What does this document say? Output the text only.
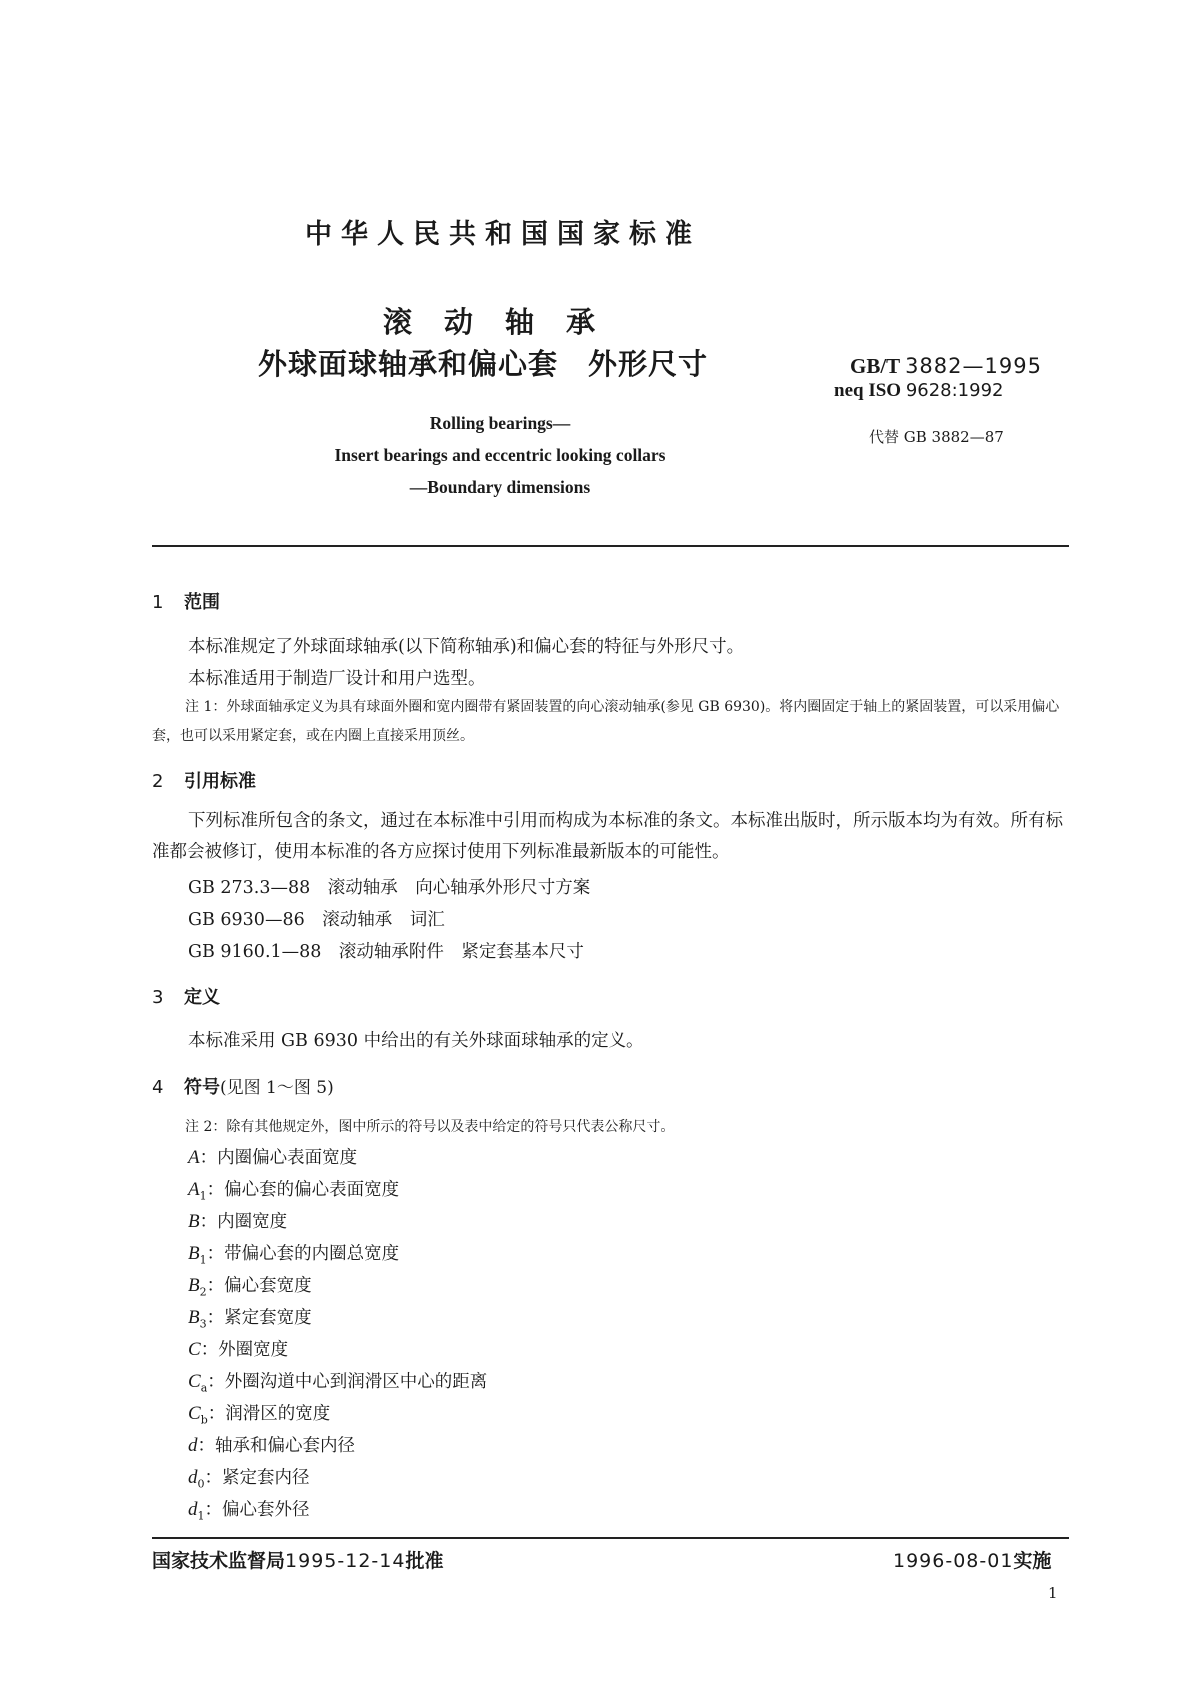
中华人民共和国国家标准
滚动轴承
外球面球轴承和偏心套　外形尺寸	GB/T 3882—1995
neq ISO 9628:1992
代替 GB 3882—87
Rolling bearings—
Insert bearings and eccentric looking collars
—Boundary dimensions
1 范围
本标准规定了外球面球轴承(以下简称轴承)和偏心套的特征与外形尺寸。
本标准适用于制造厂设计和用户选型。
注 1：外球面轴承定义为具有球面外圈和宽内圈带有紧固装置的向心滚动轴承(参见 GB 6930)。将内圈固定于轴上的紧固装置，可以采用偏心套，也可以采用紧定套，或在内圈上直接采用顶丝。
2 引用标准
下列标准所包含的条文，通过在本标准中引用而构成为本标准的条文。本标准出版时，所示版本均为有效。所有标准都会被修订，使用本标准的各方应探讨使用下列标准最新版本的可能性。
GB 273.3—88　滚动轴承　向心轴承外形尺寸方案
GB 6930—86　滚动轴承　词汇
GB 9160.1—88　滚动轴承附件　紧定套基本尺寸
3 定义
本标准采用 GB 6930 中给出的有关外球面球轴承的定义。
4 符号(见图 1～图 5)
注 2：除有其他规定外，图中所示的符号以及表中给定的符号只代表公称尺寸。
A：内圈偏心表面宽度
$A_1$：偏心套的偏心表面宽度
B：内圈宽度
$B_1$：带偏心套的内圈总宽度
$B_2$：偏心套宽度
$B_3$：紧定套宽度
C：外圈宽度
$C_a$：外圈沟道中心到润滑区中心的距离
$C_b$：润滑区的宽度
d：轴承和偏心套内径
$d_0$：紧定套内径
$d_1$：偏心套外径
国家技术监督局1995-12-14批准	1996-08-01实施
1
